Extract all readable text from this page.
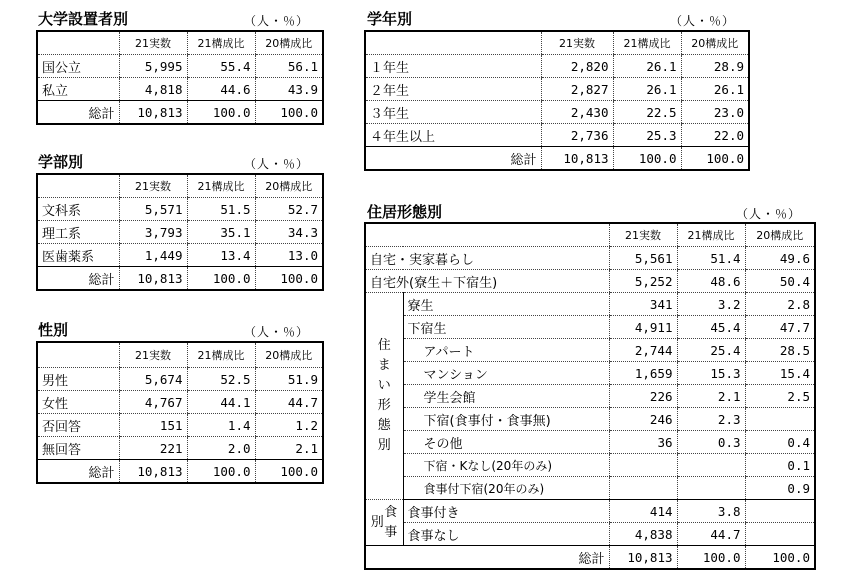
大学設置者別	（人・％）
	21実数	21構成比	20構成比
国公立	5,995	55.4	56.1
私立	4,818	44.6	43.9
総計	10,813	100.0	100.0
学部別	（人・％）
	21実数	21構成比	20構成比
文科系	5,571	51.5	52.7
理工系	3,793	35.1	34.3
医歯薬系	1,449	13.4	13.0
総計	10,813	100.0	100.0
性別	（人・％）
	21実数	21構成比	20構成比
男性	5,674	52.5	51.9
女性	4,767	44.1	44.7
否回答	151	1.4	1.2
無回答	221	2.0	2.1
総計	10,813	100.0	100.0
学年別	（人・％）
	21実数	21構成比	20構成比
１年生	2,820	26.1	28.9
２年生	2,827	26.1	26.1
３年生	2,430	22.5	23.0
４年生以上	2,736	25.3	22.0
総計	10,813	100.0	100.0
住居形態別	（人・％）
		21実数	21構成比	20構成比
自宅・実家暮らし		5,561	51.4	49.6
自宅外(寮生＋下宿生)		5,252	48.6	50.4

住まい形態別	寮生	341	3.2	2.8
	下宿生	4,911	45.4	47.7
	アパート	2,744	25.4	28.5
	マンション	1,659	15.3	15.4
	学生会館	226	2.1	2.5
	下宿(食事付・食事無)	246	2.3	
	その他	36	0.3	0.4
	下宿・Kなし(20年のみ)			0.1
	食事付下宿(20年のみ)			0.9
別食事	食事付き	414	3.8	
	食事なし	4,838	44.7	
総計		10,813	100.0	100.0
